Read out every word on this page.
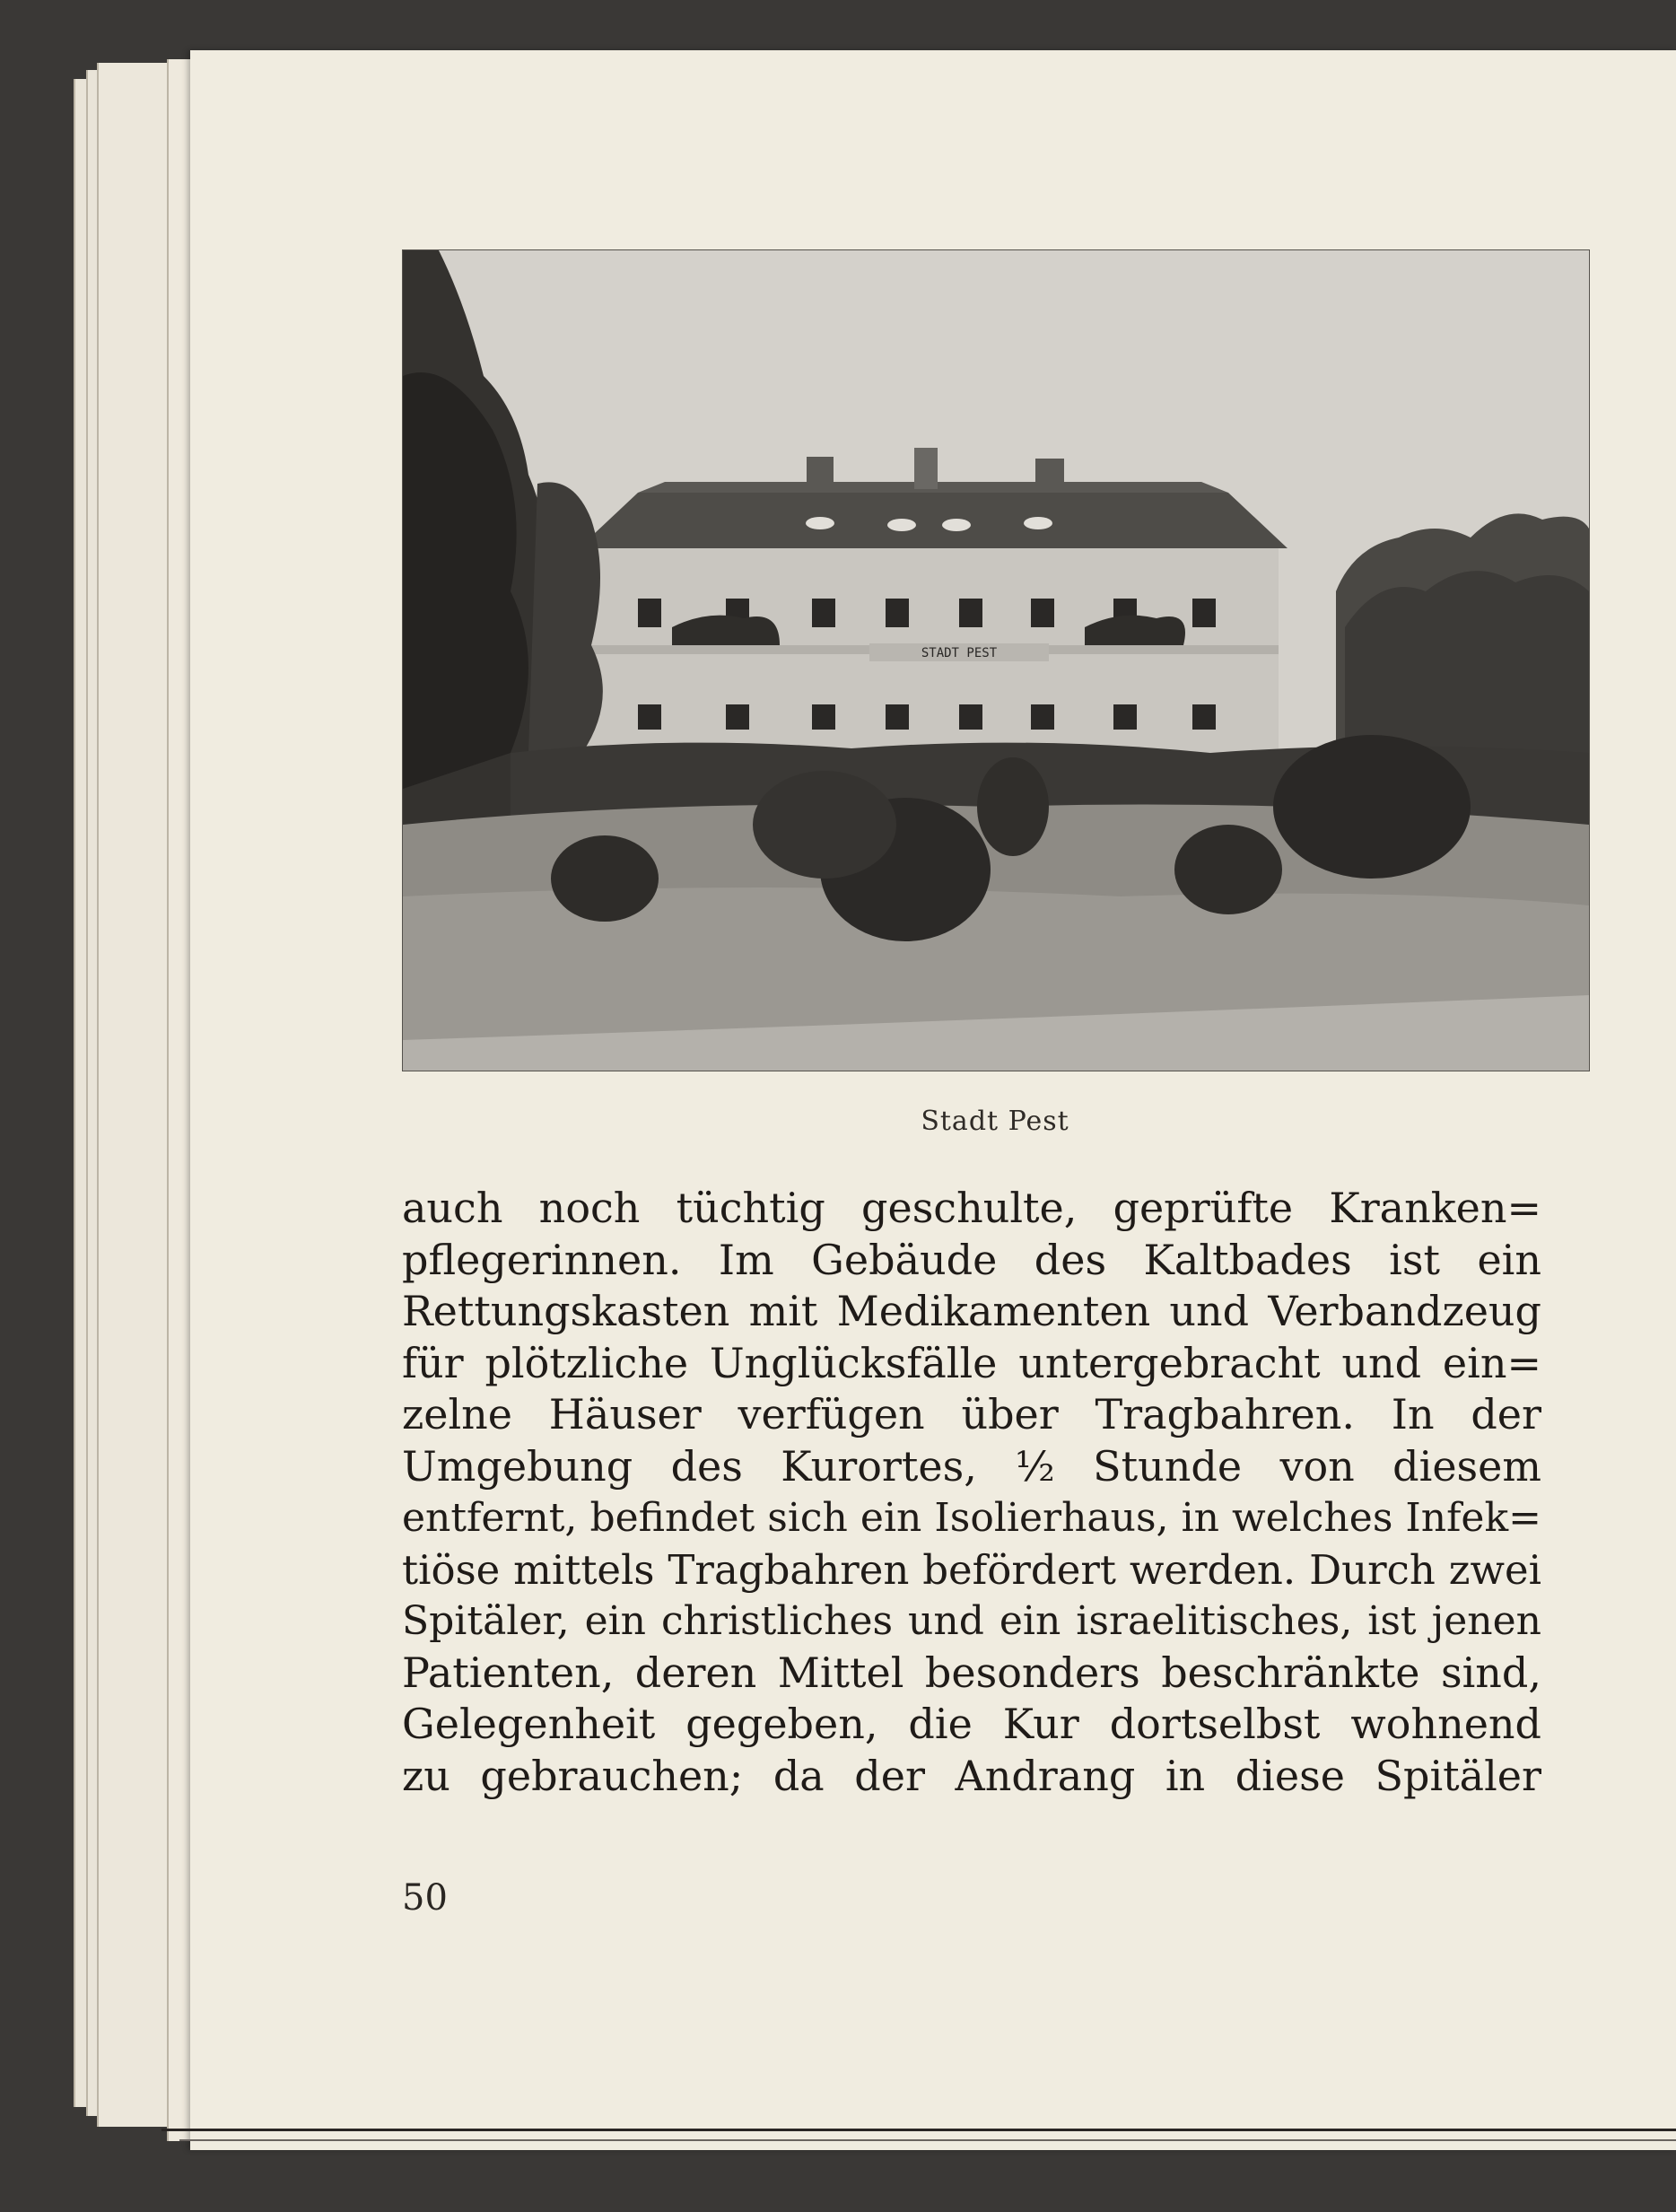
STADT PEST
Stadt Pest
auch noch tüchtig geschulte, geprüfte Kranken=
pflegerinnen. Im Gebäude des Kaltbades ist ein
Rettungskasten mit Medikamenten und Verbandzeug
für plötzliche Unglücksfälle untergebracht und ein=
zelne Häuser verfügen über Tragbahren. In der
Umgebung des Kurortes, ½ Stunde von diesem
entfernt, befindet sich ein Isolierhaus, in welches Infek=
tiöse mittels Tragbahren befördert werden. Durch zwei
Spitäler, ein christliches und ein israelitisches, ist jenen
Patienten, deren Mittel besonders beschränkte sind,
Gelegenheit gegeben, die Kur dortselbst wohnend
zu gebrauchen; da der Andrang in diese Spitäler
50
